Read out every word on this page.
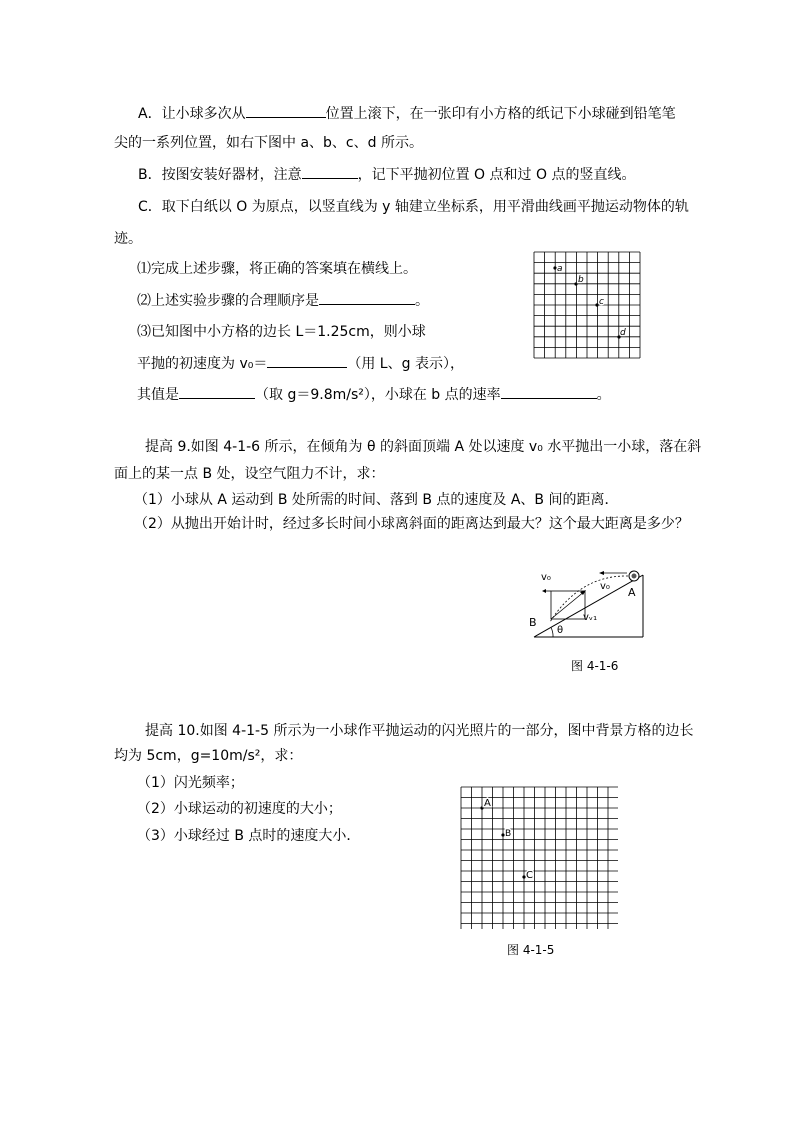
A．让小球多次从	位置上滚下，在一张印有小方格的纸记下小球碰到铅笔笔
尖的一系列位置，如右下图中 a、b、c、d 所示。
B．按图安装好器材，注意	，记下平抛初位置 O 点和过 O 点的竖直线。
C．取下白纸以 O 为原点，以竖直线为 y 轴建立坐标系，用平滑曲线画平抛运动物体的轨
迹。
⑴完成上述步骤，将正确的答案填在横线上。
⑵上述实验步骤的合理顺序是	。
⑶已知图中小方格的边长 L＝1.25cm，则小球
平抛的初速度为 v₀＝	（用 L、g 表示），
其值是	（取 g＝9.8m/s²），小球在 b 点的速率	。
a
b
c
d
提高 9.如图 4-1-6 所示，在倾角为 θ 的斜面顶端 A 处以速度 v₀ 水平抛出一小球，落在斜
面上的某一点 B 处，设空气阻力不计，求：
（1）小球从 A 运动到 B 处所需的时间、落到 B 点的速度及 A、B 间的距离．
（2）从抛出开始计时，经过多长时间小球离斜面的距离达到最大？这个最大距离是多少？
v₀
v₀
vᵥ₁
A
B
θ
图 4-1-6
提高 10.如图 4-1-5 所示为一小球作平抛运动的闪光照片的一部分，图中背景方格的边长
均为 5cm，g=10m/s²，求：
（1）闪光频率；
（2）小球运动的初速度的大小；
（3）小球经过 B 点时的速度大小．
A
B
C
图 4-1-5
